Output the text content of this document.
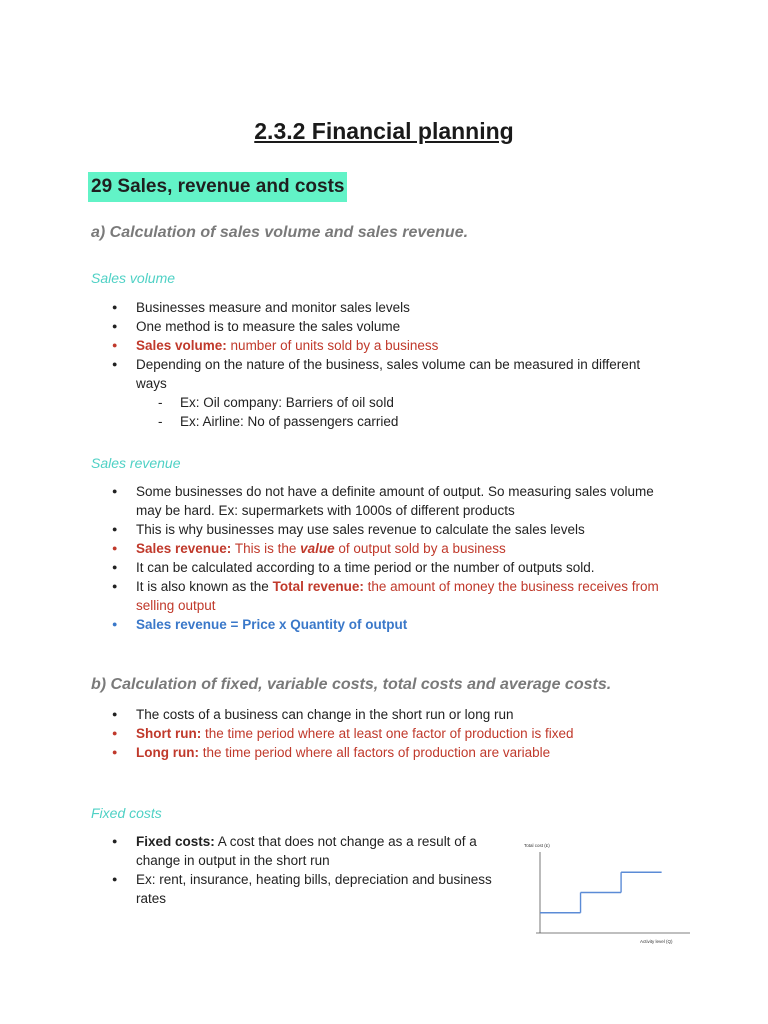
2.3.2 Financial planning
29 Sales, revenue and costs
a) Calculation of sales volume and sales revenue.
Sales volume
● Businesses measure and monitor sales levels
● One method is to measure the sales volume
● Sales volume: number of units sold by a business
● Depending on the nature of the business, sales volume can be measured in different
ways
- Ex: Oil company: Barriers of oil sold
- Ex: Airline: No of passengers carried
Sales revenue
● Some businesses do not have a definite amount of output. So measuring sales volume
may be hard. Ex: supermarkets with 1000s of different products
● This is why businesses may use sales revenue to calculate the sales levels
● Sales revenue: This is the value of output sold by a business
● It can be calculated according to a time period or the number of outputs sold.
● It is also known as the Total revenue: the amount of money the business receives from
selling output
● Sales revenue = Price x Quantity of output
b) Calculation of fixed, variable costs, total costs and average costs.
● The costs of a business can change in the short run or long run
● Short run: the time period where at least one factor of production is fixed
● Long run: the time period where all factors of production are variable
Fixed costs
● Fixed costs: A cost that does not change as a result of a
change in output in the short run
● Ex: rent, insurance, heating bills, depreciation and business
rates
Total cost (£)
Activity level (Q)
